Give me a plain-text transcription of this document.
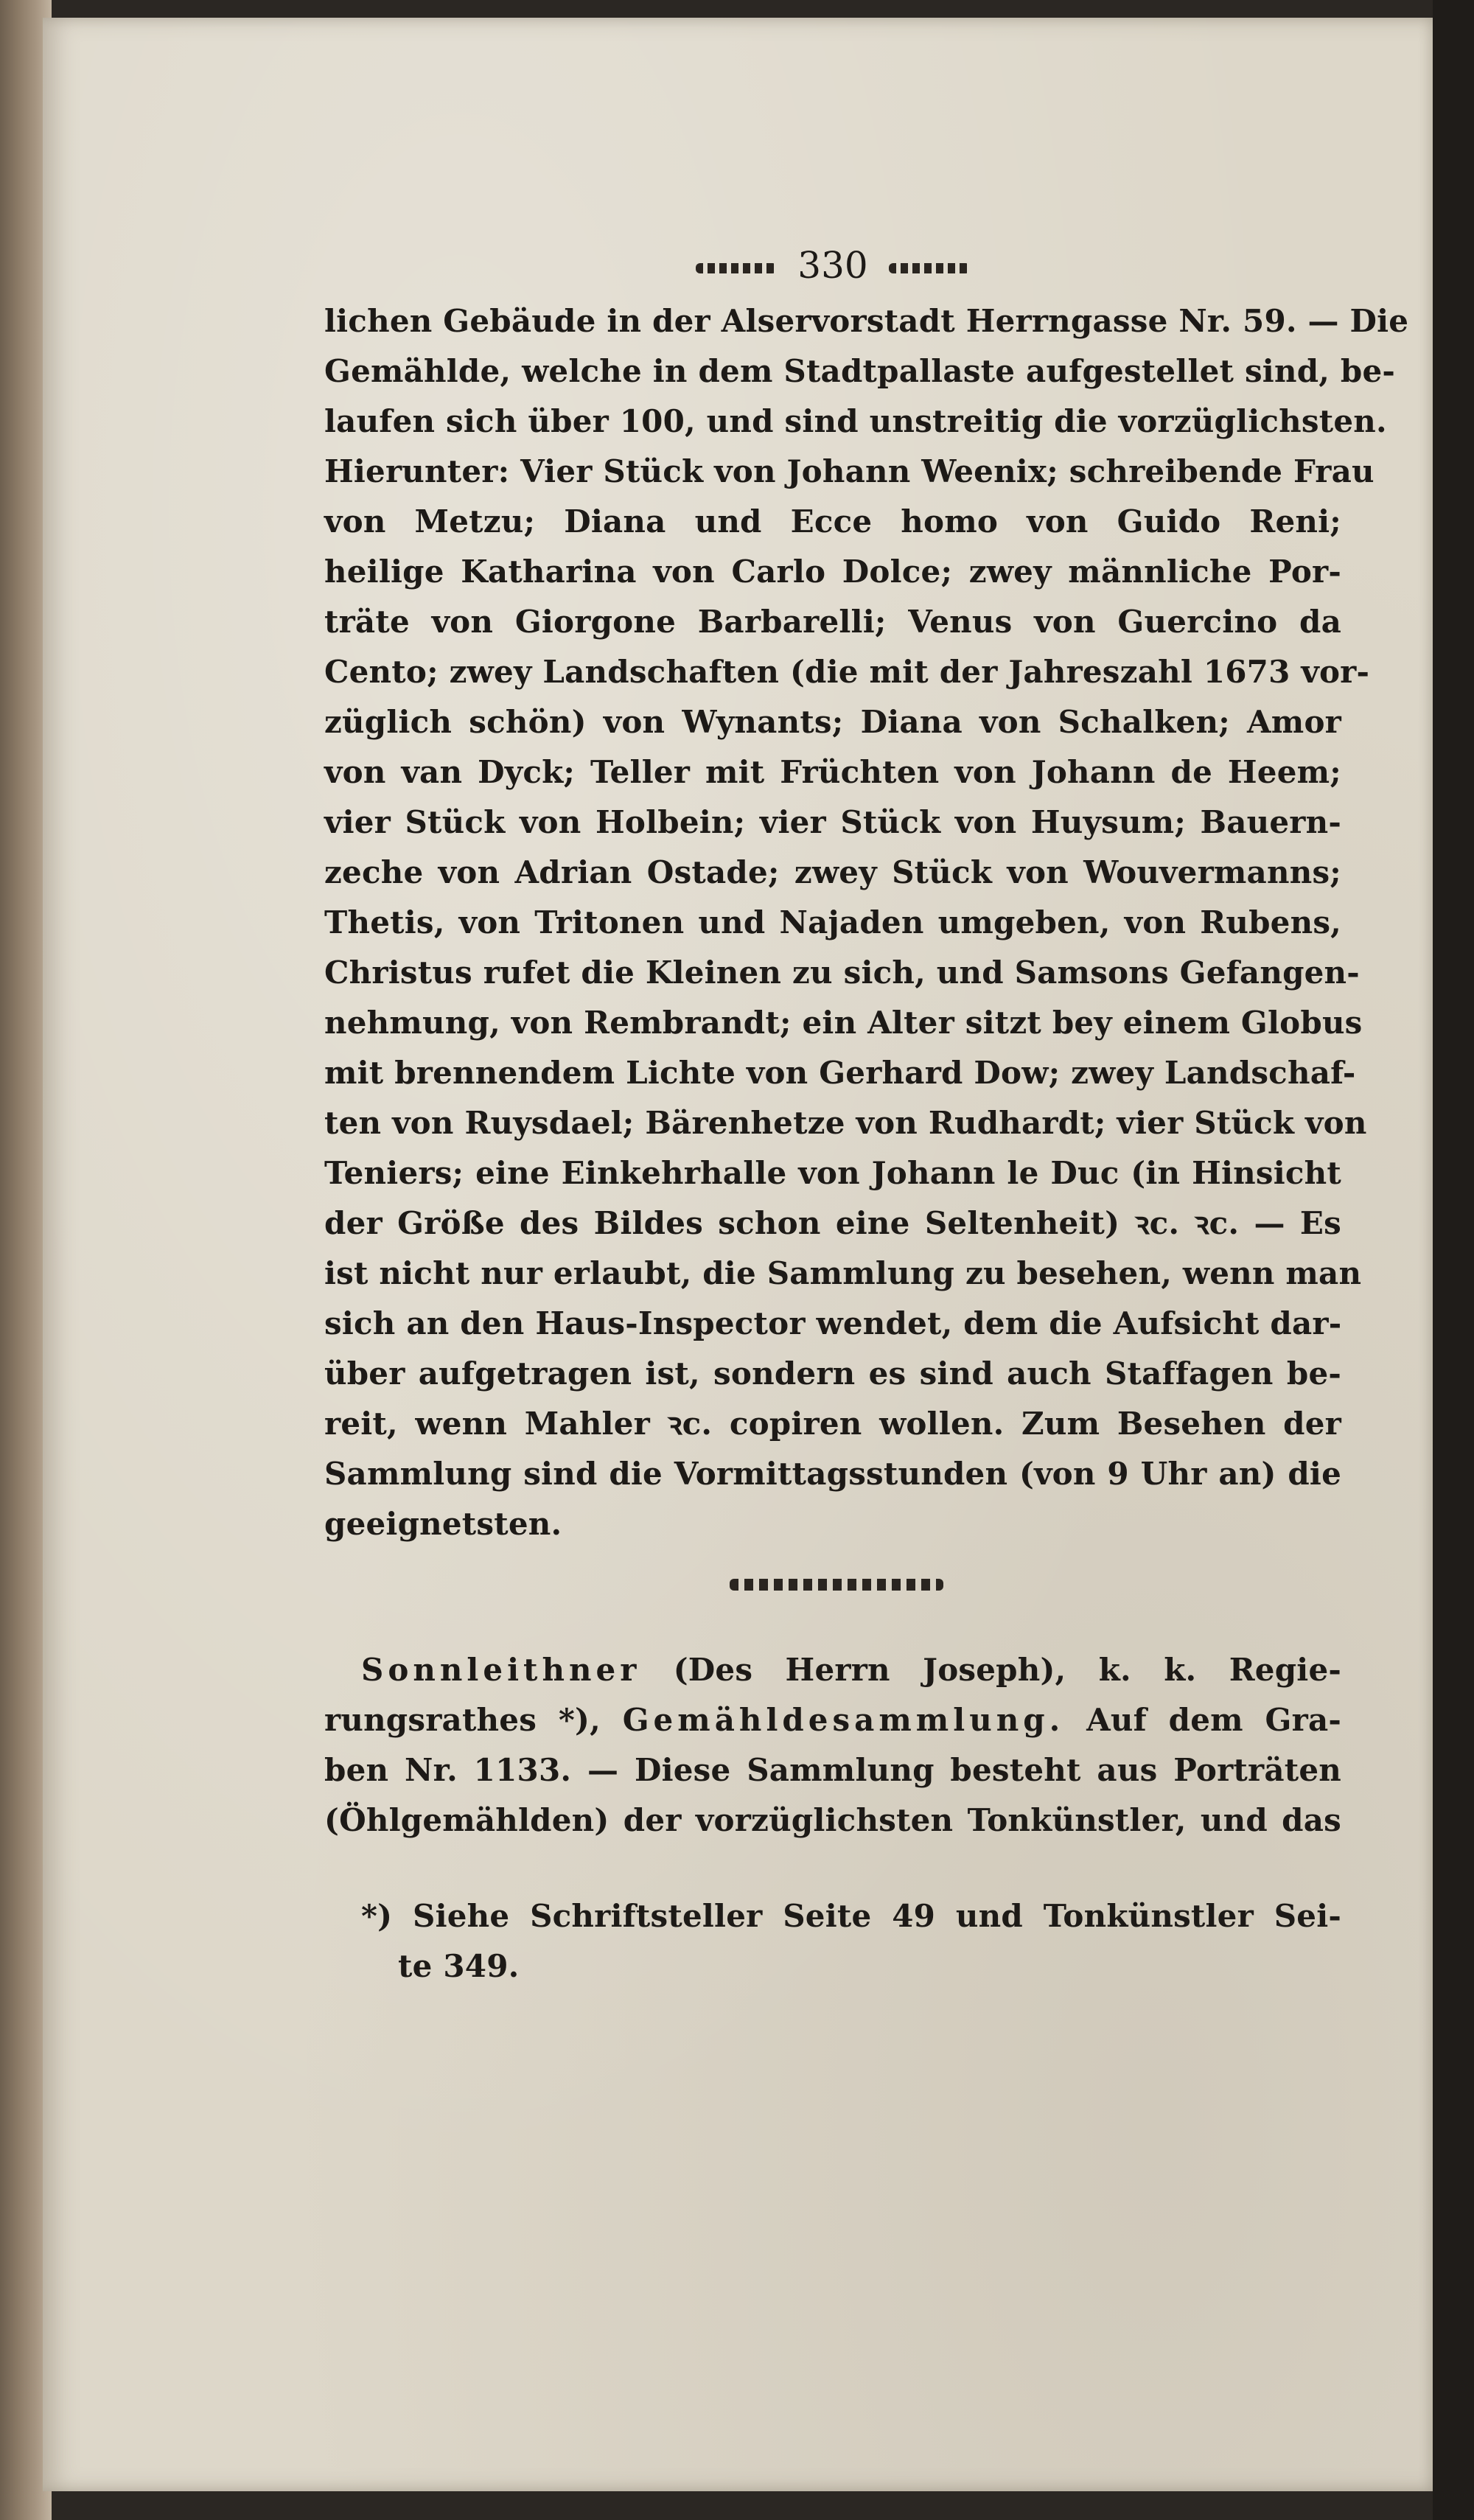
330
lichen Gebäude in der Alservorstadt Herrngasse Nr. 59. — Die
Gemählde, welche in dem Stadtpallaste aufgestellet sind, be-
laufen sich über 100, und sind unstreitig die vorzüglichsten.
Hierunter: Vier Stück von Johann Weenix; schreibende Frau
von Metzu; Diana und Ecce homo von Guido Reni;
heilige Katharina von Carlo Dolce; zwey männliche Por-
träte von Giorgone Barbarelli; Venus von Guercino da
Cento; zwey Landschaften (die mit der Jahreszahl 1673 vor-
züglich schön) von Wynants; Diana von Schalken; Amor
von van Dyck; Teller mit Früchten von Johann de Heem;
vier Stück von Holbein; vier Stück von Huysum; Bauern-
zeche von Adrian Ostade; zwey Stück von Wouvermanns;
Thetis, von Tritonen und Najaden umgeben, von Rubens,
Christus rufet die Kleinen zu sich, und Samsons Gefangen-
nehmung, von Rembrandt; ein Alter sitzt bey einem Globus
mit brennendem Lichte von Gerhard Dow; zwey Landschaf-
ten von Ruysdael; Bärenhetze von Rudhardt; vier Stück von
Teniers; eine Einkehrhalle von Johann le Duc (in Hinsicht
der Größe des Bildes schon eine Seltenheit) ꝛc. ꝛc. — Es
ist nicht nur erlaubt, die Sammlung zu besehen, wenn man
sich an den Haus-Inspector wendet, dem die Aufsicht dar-
über aufgetragen ist, sondern es sind auch Staffagen be-
reit, wenn Mahler ꝛc. copiren wollen. Zum Besehen der
Sammlung sind die Vormittagsstunden (von 9 Uhr an) die
geeignetsten.
Sonnleithner (Des Herrn Joseph), k. k. Regie-
rungsrathes *), Gemähldesammlung. Auf dem Gra-
ben Nr. 1133. — Diese Sammlung besteht aus Porträten
(Öhlgemählden) der vorzüglichsten Tonkünstler, und das
*) Siehe Schriftsteller Seite 49 und Tonkünstler Sei-
te 349.
